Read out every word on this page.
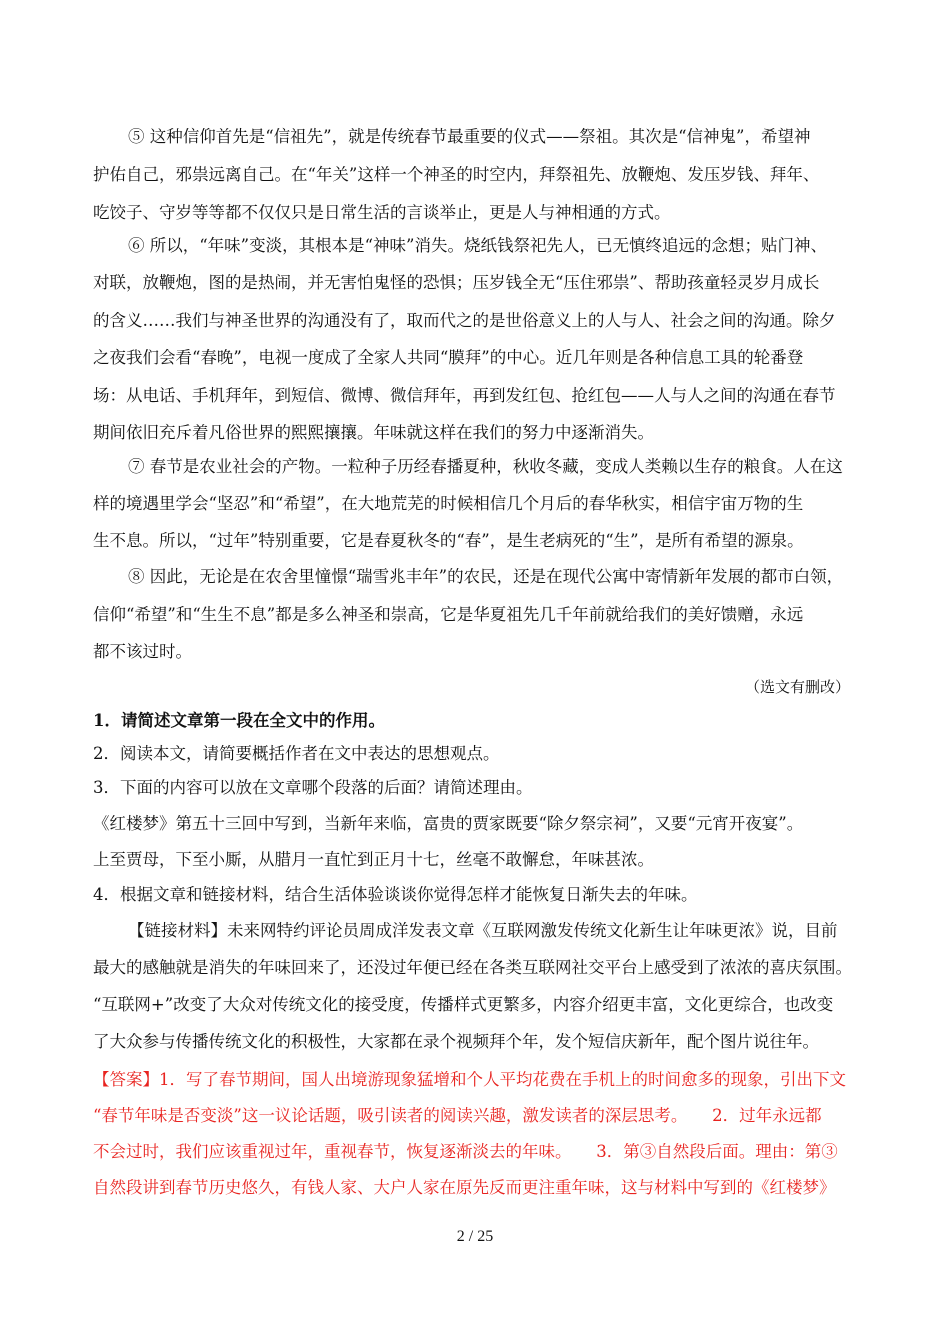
⑤ 这种信仰首先是“信祖先”，就是传统春节最重要的仪式——祭祖。其次是“信神鬼”，希望神
护佑自己，邪祟远离自己。在“年关”这样一个神圣的时空内，拜祭祖先、放鞭炮、发压岁钱、拜年、
吃饺子、守岁等等都不仅仅只是日常生活的言谈举止，更是人与神相通的方式。
⑥ 所以，“年味”变淡，其根本是“神味”消失。烧纸钱祭祀先人，已无慎终追远的念想；贴门神、
对联，放鞭炮，图的是热闹，并无害怕鬼怪的恐惧；压岁钱全无“压住邪祟”、帮助孩童轻灵岁月成长
的含义……我们与神圣世界的沟通没有了，取而代之的是世俗意义上的人与人、社会之间的沟通。除夕
之夜我们会看“春晚”，电视一度成了全家人共同“膜拜”的中心。近几年则是各种信息工具的轮番登
场：从电话、手机拜年，到短信、微博、微信拜年，再到发红包、抢红包——人与人之间的沟通在春节
期间依旧充斥着凡俗世界的熙熙攘攘。年味就这样在我们的努力中逐渐消失。
⑦ 春节是农业社会的产物。一粒种子历经春播夏种，秋收冬藏，变成人类赖以生存的粮食。人在这
样的境遇里学会“坚忍”和“希望”，在大地荒芜的时候相信几个月后的春华秋实，相信宇宙万物的生
生不息。所以，“过年”特别重要，它是春夏秋冬的“春”，是生老病死的“生”，是所有希望的源泉。
⑧ 因此，无论是在农舍里憧憬“瑞雪兆丰年”的农民，还是在现代公寓中寄情新年发展的都市白领，
信仰“希望”和“生生不息”都是多么神圣和崇高，它是华夏祖先几千年前就给我们的美好馈赠，永远
都不该过时。
（选文有删改）
1．请简述文章第一段在全文中的作用。
2．阅读本文，请简要概括作者在文中表达的思想观点。
3．下面的内容可以放在文章哪个段落的后面？请简述理由。
《红楼梦》第五十三回中写到，当新年来临，富贵的贾家既要“除夕祭宗祠”，又要“元宵开夜宴”。
上至贾母，下至小厮，从腊月一直忙到正月十七，丝毫不敢懈怠，年味甚浓。
4．根据文章和链接材料，结合生活体验谈谈你觉得怎样才能恢复日渐失去的年味。
【链接材料】未来网特约评论员周成洋发表文章《互联网激发传统文化新生让年味更浓》说，目前
最大的感触就是消失的年味回来了，还没过年便已经在各类互联网社交平台上感受到了浓浓的喜庆氛围。
“互联网+”改变了大众对传统文化的接受度，传播样式更繁多，内容介绍更丰富，文化更综合，也改变
了大众参与传播传统文化的积极性，大家都在录个视频拜个年，发个短信庆新年，配个图片说往年。
【答案】1．写了春节期间，国人出境游现象猛增和个人平均花费在手机上的时间愈多的现象，引出下文
“春节年味是否变淡”这一议论话题，吸引读者的阅读兴趣，激发读者的深层思考。　　2．过年永远都
不会过时，我们应该重视过年，重视春节，恢复逐渐淡去的年味。　　3．第③自然段后面。理由：第③
自然段讲到春节历史悠久，有钱人家、大户人家在原先反而更注重年味，这与材料中写到的《红楼梦》
2 / 25
